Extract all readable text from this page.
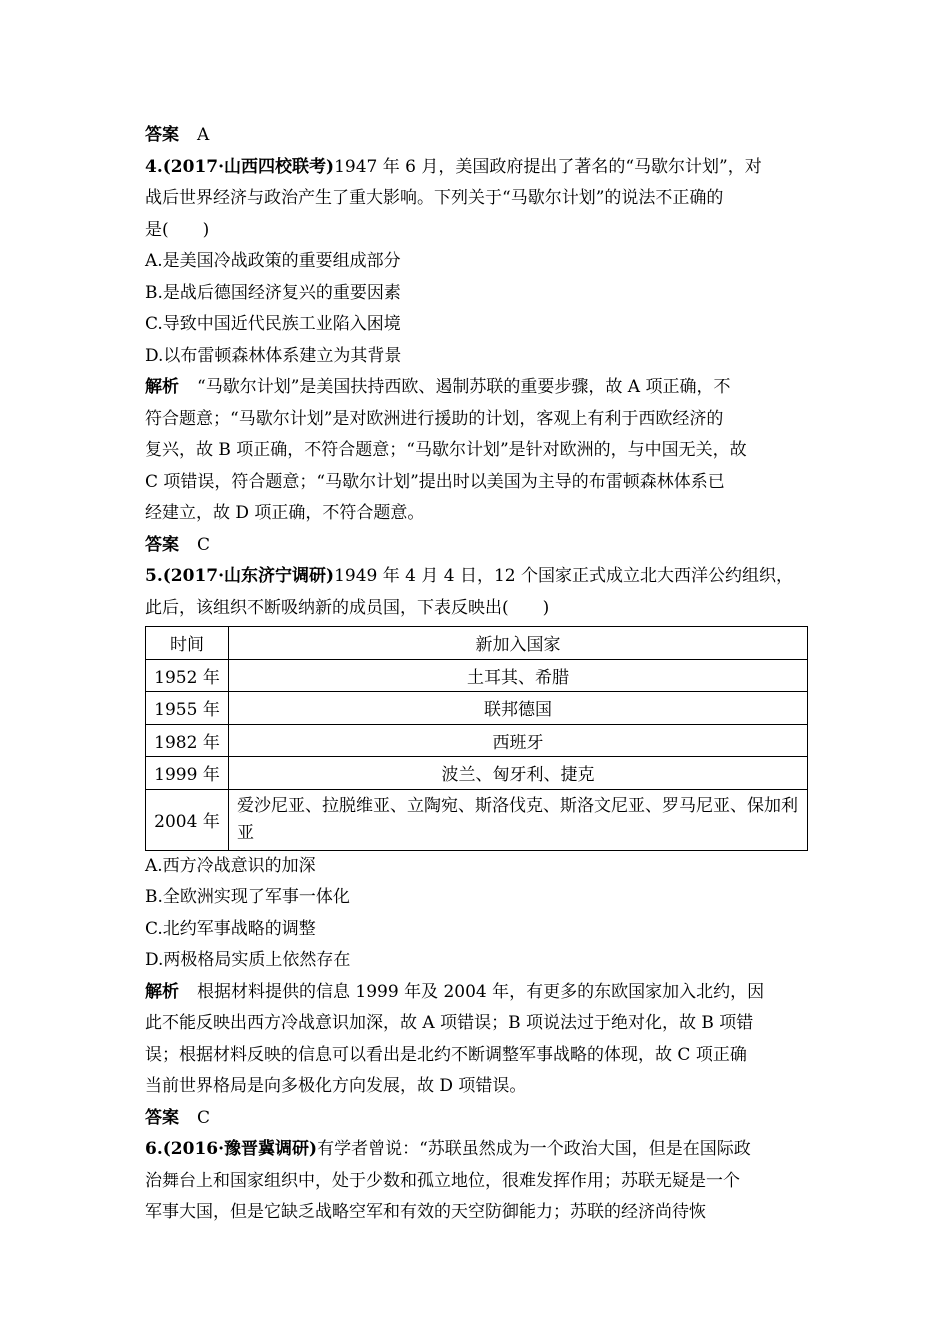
答案 A
4.(2017·山西四校联考)1947 年 6 月，美国政府提出了著名的“马歇尔计划”，对
战后世界经济与政治产生了重大影响。下列关于“马歇尔计划”的说法不正确的
是(　　)
A.是美国冷战政策的重要组成部分
B.是战后德国经济复兴的重要因素
C.导致中国近代民族工业陷入困境
D.以布雷顿森林体系建立为其背景
解析 “马歇尔计划”是美国扶持西欧、遏制苏联的重要步骤，故 A 项正确，不
符合题意；“马歇尔计划”是对欧洲进行援助的计划，客观上有利于西欧经济的
复兴，故 B 项正确，不符合题意；“马歇尔计划”是针对欧洲的，与中国无关，故
C 项错误，符合题意；“马歇尔计划”提出时以美国为主导的布雷顿森林体系已
经建立，故 D 项正确，不符合题意。
答案 C
5.(2017·山东济宁调研)1949 年 4 月 4 日，12 个国家正式成立北大西洋公约组织，
此后，该组织不断吸纳新的成员国，下表反映出(　　)
时间	新加入国家
1952 年	土耳其、希腊
1955 年	联邦德国
1982 年	西班牙
1999 年	波兰、匈牙利、捷克
2004 年	爱沙尼亚、拉脱维亚、立陶宛、斯洛伐克、斯洛文尼亚、罗马尼亚、保加利亚
A.西方冷战意识的加深
B.全欧洲实现了军事一体化
C.北约军事战略的调整
D.两极格局实质上依然存在
解析 根据材料提供的信息 1999 年及 2004 年，有更多的东欧国家加入北约，因
此不能反映出西方冷战意识加深，故 A 项错误；B 项说法过于绝对化，故 B 项错
误；根据材料反映的信息可以看出是北约不断调整军事战略的体现，故 C 项正确
当前世界格局是向多极化方向发展，故 D 项错误。
答案 C
6.(2016·豫晋冀调研)有学者曾说：“苏联虽然成为一个政治大国，但是在国际政
治舞台上和国家组织中，处于少数和孤立地位，很难发挥作用；苏联无疑是一个
军事大国，但是它缺乏战略空军和有效的天空防御能力；苏联的经济尚待恢
